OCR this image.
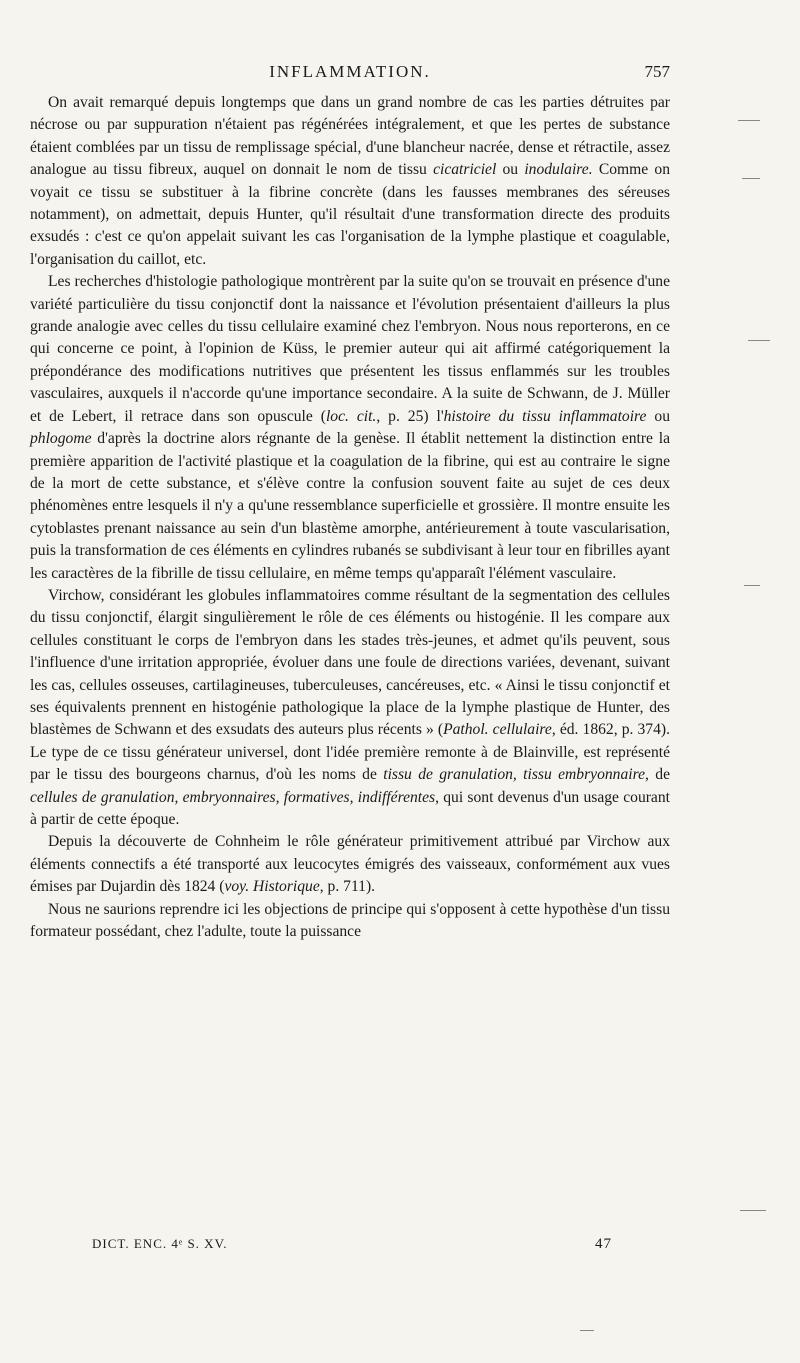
INFLAMMATION.	757

On avait remarqué depuis longtemps que dans un grand nombre de cas les parties détruites par nécrose ou par suppuration n'étaient pas régénérées intégralement, et que les pertes de substance étaient comblées par un tissu de remplissage spécial, d'une blancheur nacrée, dense et rétractile, assez analogue au tissu fibreux, auquel on donnait le nom de tissu cicatriciel ou inodulaire. Comme on voyait ce tissu se substituer à la fibrine concrète (dans les fausses membranes des séreuses notamment), on admettait, depuis Hunter, qu'il résultait d'une transformation directe des produits exsudés : c'est ce qu'on appelait suivant les cas l'organisation de la lymphe plastique et coagulable, l'organisation du caillot, etc.

Les recherches d'histologie pathologique montrèrent par la suite qu'on se trouvait en présence d'une variété particulière du tissu conjonctif dont la naissance et l'évolution présentaient d'ailleurs la plus grande analogie avec celles du tissu cellulaire examiné chez l'embryon. Nous nous reporterons, en ce qui concerne ce point, à l'opinion de Küss, le premier auteur qui ait affirmé catégoriquement la prépondérance des modifications nutritives que présentent les tissus enflammés sur les troubles vasculaires, auxquels il n'accorde qu'une importance secondaire. A la suite de Schwann, de J. Müller et de Lebert, il retrace dans son opuscule (loc. cit., p. 25) l'histoire du tissu inflammatoire ou phlogome d'après la doctrine alors régnante de la genèse. Il établit nettement la distinction entre la première apparition de l'activité plastique et la coagulation de la fibrine, qui est au contraire le signe de la mort de cette substance, et s'élève contre la confusion souvent faite au sujet de ces deux phénomènes entre lesquels il n'y a qu'une ressemblance superficielle et grossière. Il montre ensuite les cytoblastes prenant naissance au sein d'un blastème amorphe, antérieurement à toute vascularisation, puis la transformation de ces éléments en cylindres rubanés se subdivisant à leur tour en fibrilles ayant les caractères de la fibrille de tissu cellulaire, en même temps qu'apparaît l'élément vasculaire.

Virchow, considérant les globules inflammatoires comme résultant de la segmentation des cellules du tissu conjonctif, élargit singulièrement le rôle de ces éléments ou histogénie. Il les compare aux cellules constituant le corps de l'embryon dans les stades très-jeunes, et admet qu'ils peuvent, sous l'influence d'une irritation appropriée, évoluer dans une foule de directions variées, devenant, suivant les cas, cellules osseuses, cartilagineuses, tuberculeuses, cancéreuses, etc. « Ainsi le tissu conjonctif et ses équivalents prennent en histogénie pathologique la place de la lymphe plastique de Hunter, des blastèmes de Schwann et des exsudats des auteurs plus récents » (Pathol. cellulaire, éd. 1862, p. 374). Le type de ce tissu générateur universel, dont l'idée première remonte à de Blainville, est représenté par le tissu des bourgeons charnus, d'où les noms de tissu de granulation, tissu embryonnaire, de cellules de granulation, embryonnaires, formatives, indifférentes, qui sont devenus d'un usage courant à partir de cette époque.

Depuis la découverte de Cohnheim le rôle générateur primitivement attribué par Virchow aux éléments connectifs a été transporté aux leucocytes émigrés des vaisseaux, conformément aux vues émises par Dujardin dès 1824 (voy. Historique, p. 711).

Nous ne saurions reprendre ici les objections de principe qui s'opposent à cette hypothèse d'un tissu formateur possédant, chez l'adulte, toute la puissance

DICT. ENC. 4ᵉ S. XV.	47
